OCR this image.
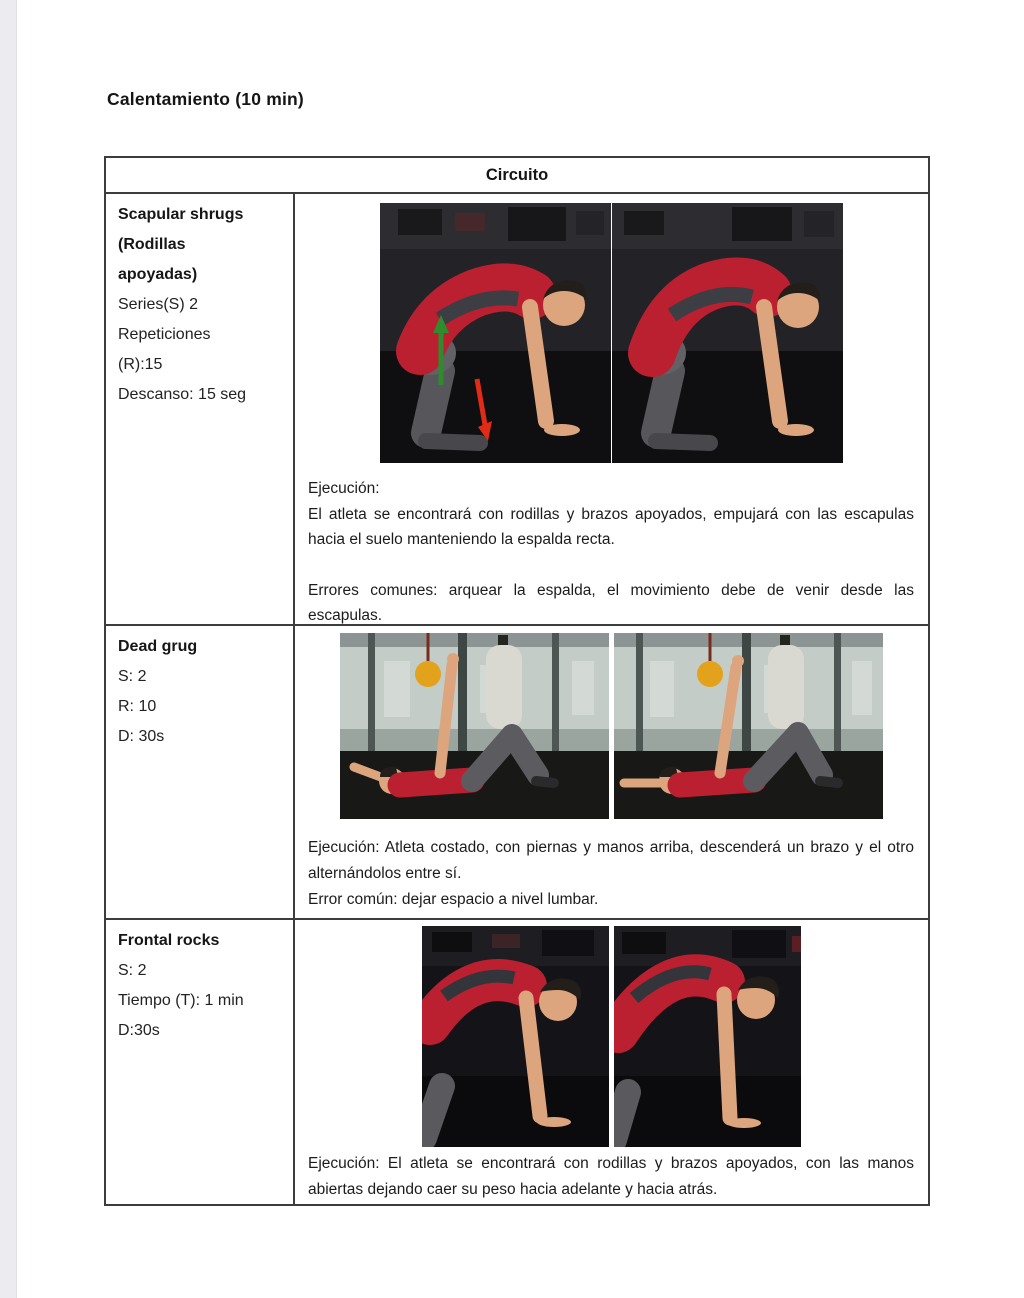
Calentamiento (10 min)
Circuito
Scapular shrugs
(Rodillas
apoyadas)
Series(S) 2
Repeticiones
(R):15
Descanso: 15 seg

Ejecución:

El atleta se encontrará con rodillas y brazos apoyados, empujará con las escapulas hacia el suelo manteniendo la espalda recta.

Errores comunes: arquear la espalda, el movimiento debe de venir desde las escapulas.

Dead grug
S: 2
R: 10
D: 30s

Ejecución: Atleta costado, con piernas y manos arriba, descenderá un brazo y el otro alternándolos entre sí.

Error común: dejar espacio a nivel lumbar.

Frontal rocks
S: 2
Tiempo (T): 1 min
D:30s

Ejecución: El atleta se encontrará con rodillas y brazos apoyados, con las manos abiertas dejando caer su peso hacia adelante y hacia atrás.
